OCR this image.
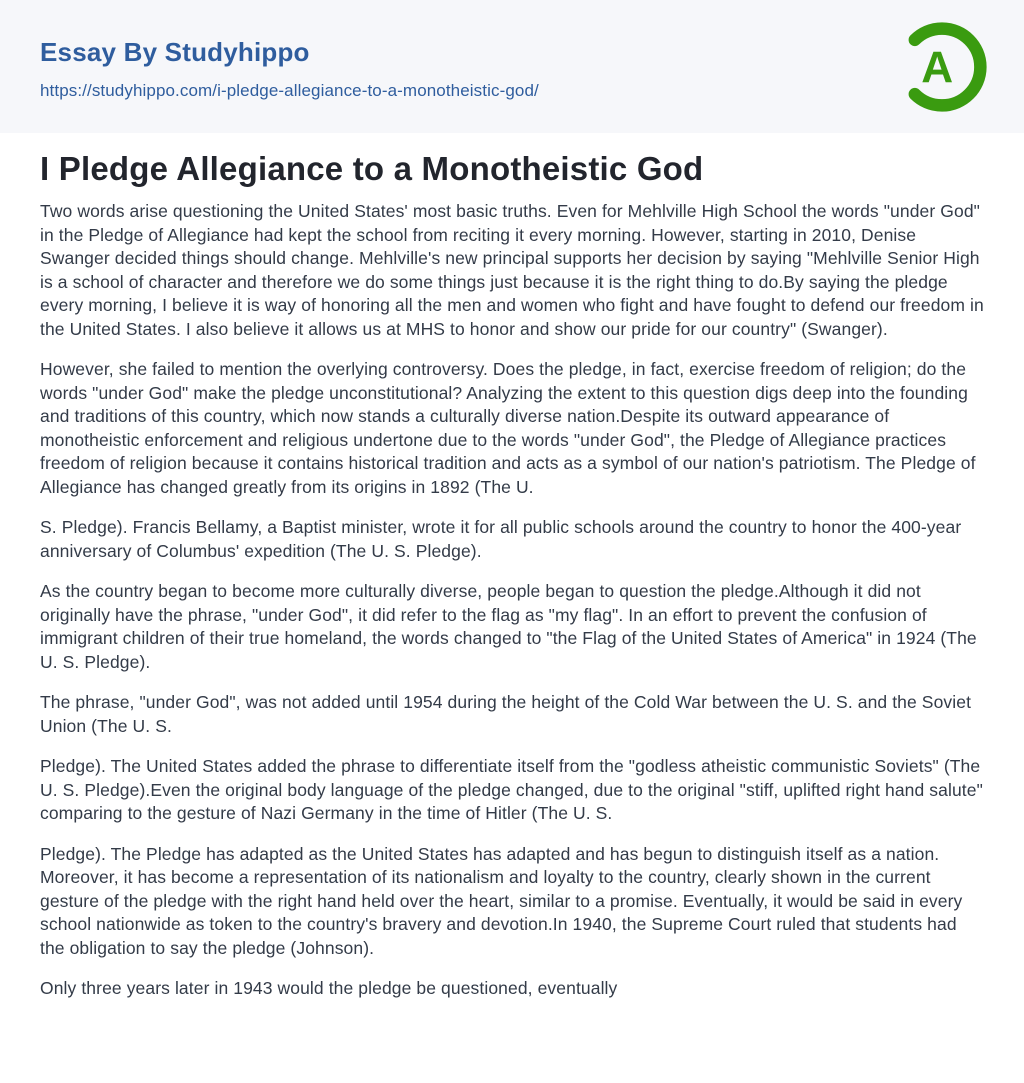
Essay By Studyhippo
https://studyhippo.com/i-pledge-allegiance-to-a-monotheistic-god/	A
I Pledge Allegiance to a Monotheistic God

Two words arise questioning the United States' most basic truths. Even for Mehlville High School the words "under God" in the Pledge of Allegiance had kept the school from reciting it every morning. However, starting in 2010, Denise Swanger decided things should change. Mehlville's new principal supports her decision by saying "Mehlville Senior High is a school of character and therefore we do some things just because it is the right thing to do.By saying the pledge every morning, I believe it is way of honoring all the men and women who fight and have fought to defend our freedom in the United States. I also believe it allows us at MHS to honor and show our pride for our country" (Swanger).

However, she failed to mention the overlying controversy. Does the pledge, in fact, exercise freedom of religion; do the words "under God" make the pledge unconstitutional? Analyzing the extent to this question digs deep into the founding and traditions of this country, which now stands a culturally diverse nation.Despite its outward appearance of monotheistic enforcement and religious undertone due to the words "under God", the Pledge of Allegiance practices freedom of religion because it contains historical tradition and acts as a symbol of our nation's patriotism. The Pledge of Allegiance has changed greatly from its origins in 1892 (The U.

S. Pledge). Francis Bellamy, a Baptist minister, wrote it for all public schools around the country to honor the 400-year anniversary of Columbus' expedition (The U. S. Pledge).

As the country began to become more culturally diverse, people began to question the pledge.Although it did not originally have the phrase, "under God", it did refer to the flag as "my flag". In an effort to prevent the confusion of immigrant children of their true homeland, the words changed to "the Flag of the United States of America" in 1924 (The U. S. Pledge).

The phrase, "under God", was not added until 1954 during the height of the Cold War between the U. S. and the Soviet Union (The U. S.

Pledge). The United States added the phrase to differentiate itself from the "godless atheistic communistic Soviets" (The U. S. Pledge).Even the original body language of the pledge changed, due to the original "stiff, uplifted right hand salute" comparing to the gesture of Nazi Germany in the time of Hitler (The U. S.

Pledge). The Pledge has adapted as the United States has adapted and has begun to distinguish itself as a nation. Moreover, it has become a representation of its nationalism and loyalty to the country, clearly shown in the current gesture of the pledge with the right hand held over the heart, similar to a promise. Eventually, it would be said in every school nationwide as token to the country's bravery and devotion.In 1940, the Supreme Court ruled that students had the obligation to say the pledge (Johnson).

Only three years later in 1943 would the pledge be questioned, eventually
